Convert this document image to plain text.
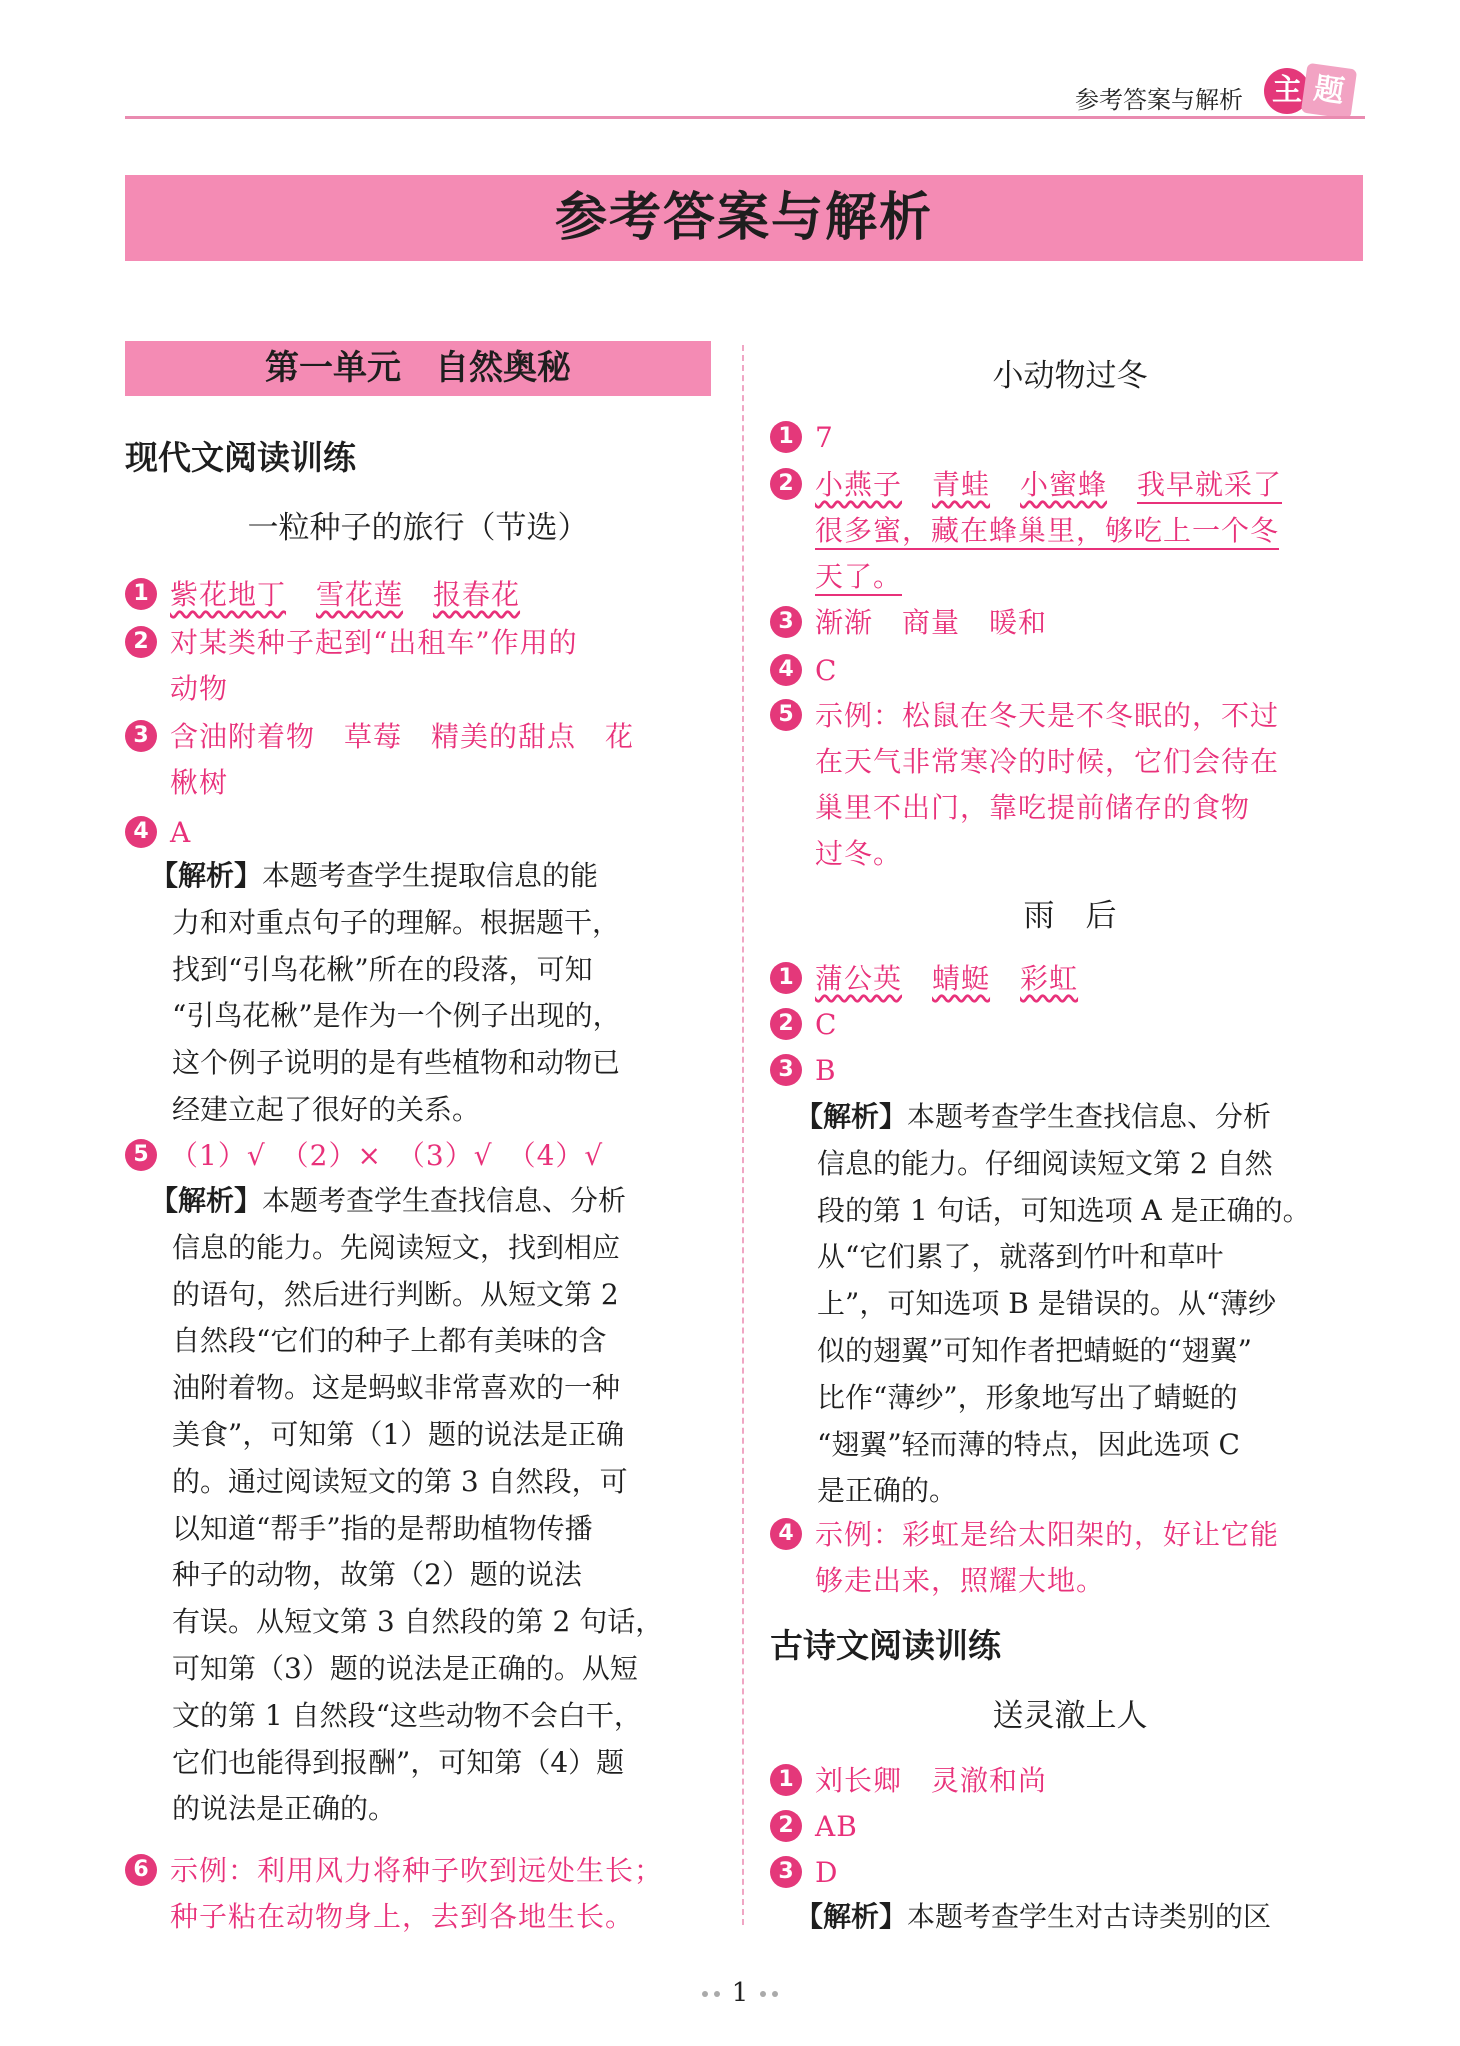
参考答案与解析 主 题
参考答案与解析
第一单元　自然奥秘
现代文阅读训练
一粒种子的旅行（节选）
1 紫花地丁 雪花莲 报春花
2 对某类种子起到“出租车”作用的
动物
3 含油附着物　草莓　精美的甜点　花
楸树
4 A
【解析】本题考查学生提取信息的能
力和对重点句子的理解。根据题干，
找到“引鸟花楸”所在的段落，可知
“引鸟花楸”是作为一个例子出现的，
这个例子说明的是有些植物和动物已
经建立起了很好的关系。
5 （1）√　（2）×　（3）√　（4）√
【解析】本题考查学生查找信息、分析
信息的能力。先阅读短文，找到相应
的语句，然后进行判断。从短文第 2
自然段“它们的种子上都有美味的含
油附着物。这是蚂蚁非常喜欢的一种
美食”，可知第（1）题的说法是正确
的。通过阅读短文的第 3 自然段，可
以知道“帮手”指的是帮助植物传播
种子的动物，故第（2）题的说法
有误。从短文第 3 自然段的第 2 句话，
可知第（3）题的说法是正确的。从短
文的第 1 自然段“这些动物不会白干，
它们也能得到报酬”，可知第（4）题
的说法是正确的。
6 示例：利用风力将种子吹到远处生长；
种子粘在动物身上，去到各地生长。
小动物过冬
1 7
2 小燕子 青蛙 小蜜蜂 我早就采了
很多蜜，藏在蜂巢里，够吃上一个冬
天了。
3 渐渐　商量　暖和
4 C
5 示例：松鼠在冬天是不冬眠的，不过
在天气非常寒冷的时候，它们会待在
巢里不出门，靠吃提前储存的食物
过冬。
雨　后
1 蒲公英 蜻蜓 彩虹
2 C
3 B
【解析】本题考查学生查找信息、分析
信息的能力。仔细阅读短文第 2 自然
段的第 1 句话，可知选项 A 是正确的。
从“它们累了，就落到竹叶和草叶
上”，可知选项 B 是错误的。从“薄纱
似的翅翼”可知作者把蜻蜓的“翅翼”
比作“薄纱”，形象地写出了蜻蜓的
“翅翼”轻而薄的特点，因此选项 C
是正确的。
4 示例：彩虹是给太阳架的，好让它能
够走出来，照耀大地。
古诗文阅读训练
送灵澈上人
1 刘长卿　灵澈和尚
2 AB
3 D
【解析】本题考查学生对古诗类别的区
1
